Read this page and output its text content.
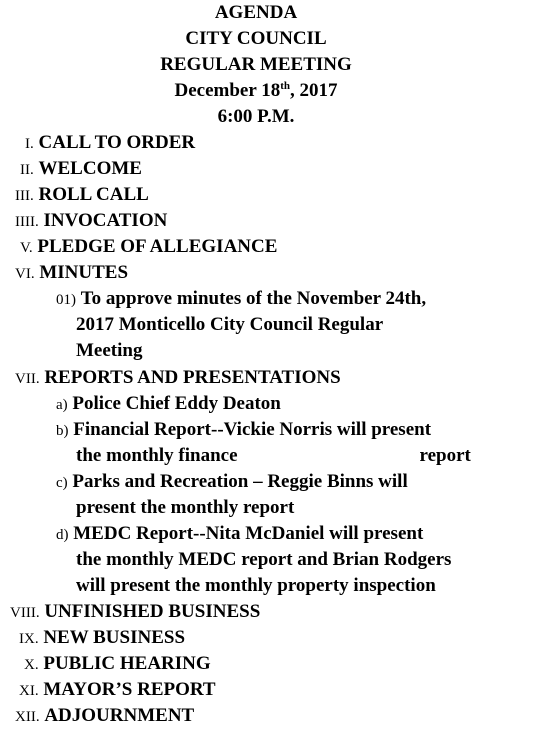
AGENDA
CITY COUNCIL
REGULAR MEETING
December 18th, 2017
6:00 P.M.
I. CALL TO ORDER
II. WELCOME
III. ROLL CALL
IIII. INVOCATION
V. PLEDGE OF ALLEGIANCE
VI. MINUTES
01) To approve minutes of the November 24th,
2017 Monticello City Council Regular
Meeting
VII. REPORTS AND PRESENTATIONS
a) Police Chief Eddy Deaton
b) Financial Report--Vickie Norris will present
the monthly finance	report
c) Parks and Recreation – Reggie Binns will
present the monthly report
d) MEDC Report--Nita McDaniel will present
the monthly MEDC report and Brian Rodgers
will present the monthly property inspection
VIII. UNFINISHED BUSINESS
IX. NEW BUSINESS
X. PUBLIC HEARING
XI. MAYOR’S REPORT
XII. ADJOURNMENT
